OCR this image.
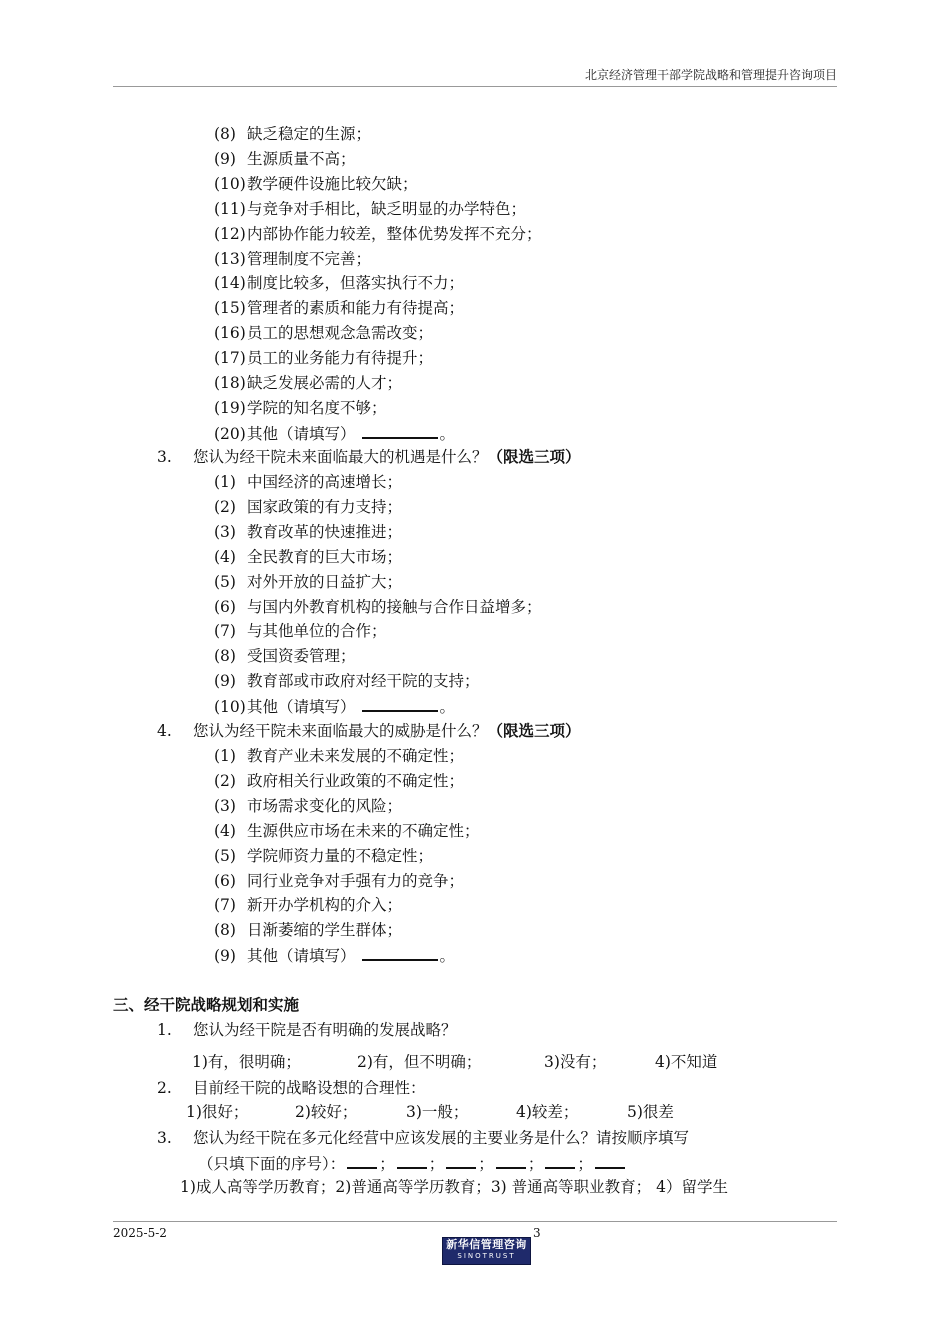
北京经济管理干部学院战略和管理提升咨询项目
(8) 缺乏稳定的生源；
(9) 生源质量不高；
(10)教学硬件设施比较欠缺；
(11)与竞争对手相比，缺乏明显的办学特色；
(12)内部协作能力较差，整体优势发挥不充分；
(13)管理制度不完善；
(14)制度比较多，但落实执行不力；
(15)管理者的素质和能力有待提高；
(16)员工的思想观念急需改变；
(17)员工的业务能力有待提升；
(18)缺乏发展必需的人才；
(19)学院的知名度不够；
(20)其他（请填写）	。
3. 您认为经干院未来面临最大的机遇是什么？（限选三项）
(1) 中国经济的高速增长；
(2) 国家政策的有力支持；
(3) 教育改革的快速推进；
(4) 全民教育的巨大市场；
(5) 对外开放的日益扩大；
(6) 与国内外教育机构的接触与合作日益增多；
(7) 与其他单位的合作；
(8) 受国资委管理；
(9) 教育部或市政府对经干院的支持；
(10)其他（请填写）	。
4. 您认为经干院未来面临最大的威胁是什么？（限选三项）
(1) 教育产业未来发展的不确定性；
(2) 政府相关行业政策的不确定性；
(3) 市场需求变化的风险；
(4) 生源供应市场在未来的不确定性；
(5) 学院师资力量的不稳定性；
(6) 同行业竞争对手强有力的竞争；
(7) 新开办学机构的介入；
(8) 日渐萎缩的学生群体；
(9) 其他（请填写）	。
三、经干院战略规划和实施
1. 您认为经干院是否有明确的发展战略？
1)有，很明确；	2)有，但不明确；	3)没有；	4)不知道
2. 目前经干院的战略设想的合理性：
1)很好；	2)较好；	3)一般；	4)较差；	5)很差
3. 您认为经干院在多元化经营中应该发展的主要业务是什么？请按顺序填写
（只填下面的序号）： ； ； ； ； ；
1)成人高等学历教育；2)普通高等学历教育；3) 普通高等职业教育； 4）留学生
2025-5-2	3
新华信管理咨询
SINOTRUST
